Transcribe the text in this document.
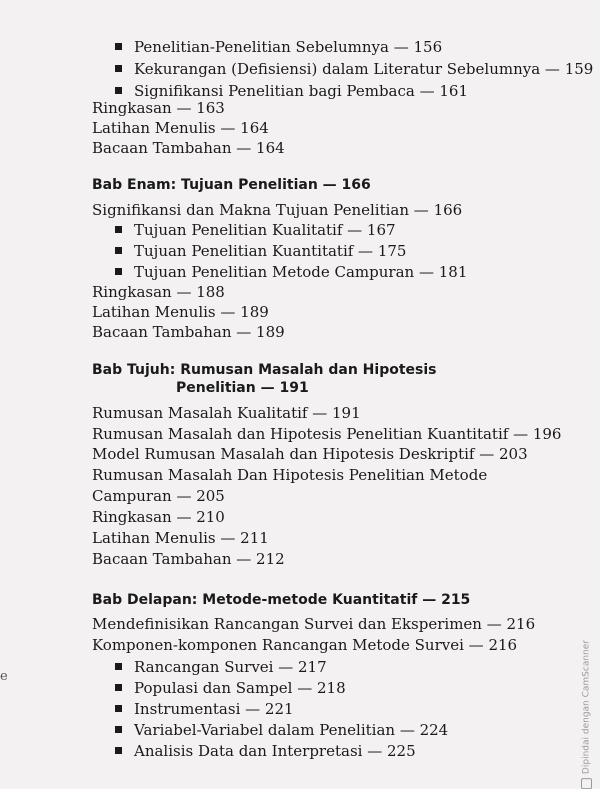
Penelitian-Penelitian Sebelumnya — 156
Kekurangan (Defisiensi) dalam Literatur Sebelumnya — 159
Signifikansi Penelitian bagi Pembaca — 161
Ringkasan — 163
Latihan Menulis — 164
Bacaan Tambahan — 164
Bab Enam: Tujuan Penelitian — 166
Signifikansi dan Makna Tujuan Penelitian — 166
Tujuan Penelitian Kualitatif — 167
Tujuan Penelitian Kuantitatif — 175
Tujuan Penelitian Metode Campuran — 181
Ringkasan — 188
Latihan Menulis — 189
Bacaan Tambahan — 189
Bab Tujuh: Rumusan Masalah dan Hipotesis
Penelitian — 191
Rumusan Masalah Kualitatif — 191
Rumusan Masalah dan Hipotesis Penelitian Kuantitatif — 196
Model Rumusan Masalah dan Hipotesis Deskriptif — 203
Rumusan Masalah Dan Hipotesis Penelitian Metode
Campuran — 205
Ringkasan — 210
Latihan Menulis — 211
Bacaan Tambahan — 212
Bab Delapan: Metode-metode Kuantitatif — 215
Mendefinisikan Rancangan Survei dan Eksperimen — 216
Komponen-komponen Rancangan Metode Survei — 216
Rancangan Survei — 217
Populasi dan Sampel — 218
Instrumentasi — 221
Variabel-Variabel dalam Penelitian — 224
Analisis Data dan Interpretasi — 225
e	Dipindai dengan CamScanner
